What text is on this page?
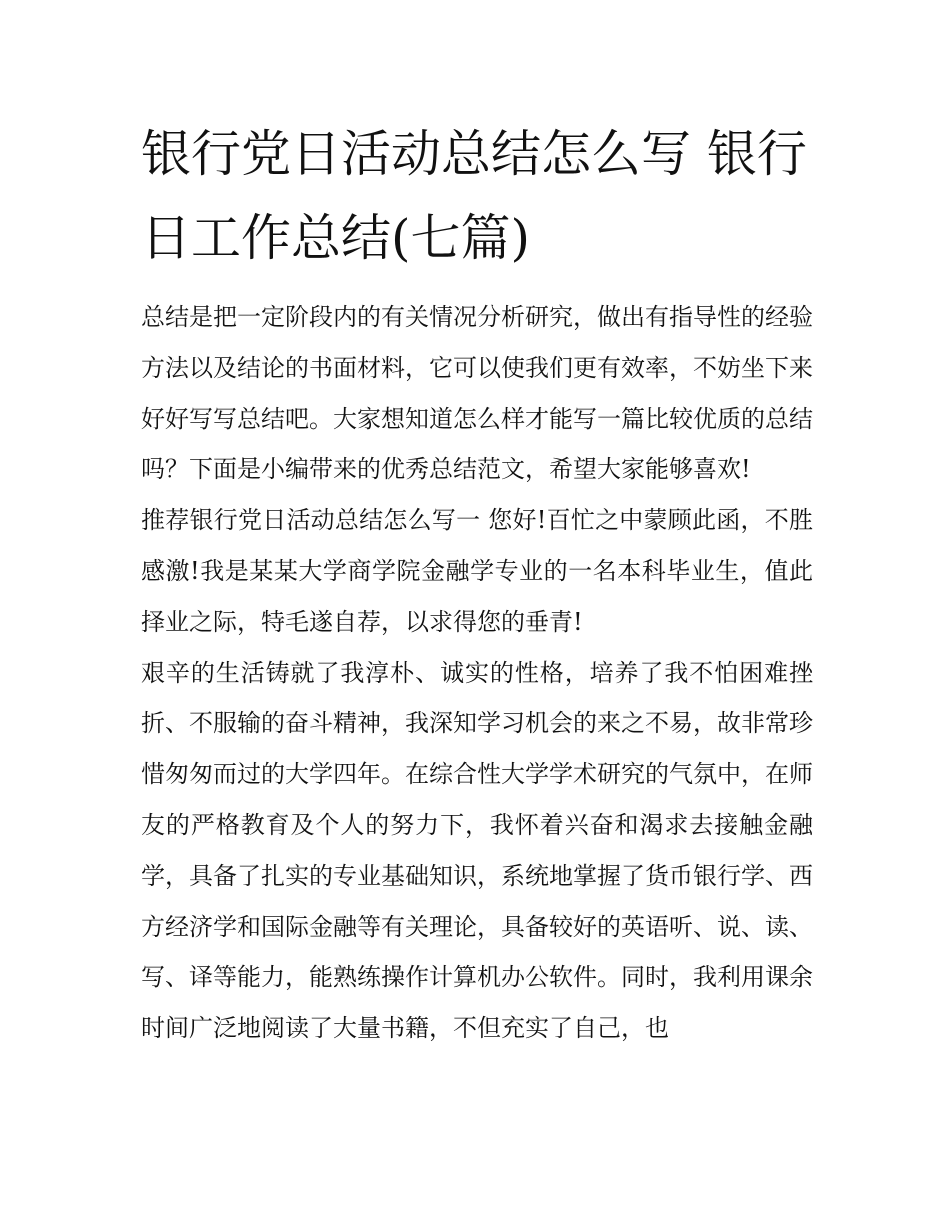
银行党日活动总结怎么写 银行日工作总结(七篇)

总结是把一定阶段内的有关情况分析研究，做出有指导性的经验方法以及结论的书面材料，它可以使我们更有效率，不妨坐下来好好写写总结吧。大家想知道怎么样才能写一篇比较优质的总结吗？下面是小编带来的优秀总结范文，希望大家能够喜欢!

推荐银行党日活动总结怎么写一 您好!百忙之中蒙顾此函，不胜感激!我是某某大学商学院金融学专业的一名本科毕业生，值此择业之际，特毛遂自荐，以求得您的垂青!

艰辛的生活铸就了我淳朴、诚实的性格，培养了我不怕困难挫折、不服输的奋斗精神，我深知学习机会的来之不易，故非常珍惜匆匆而过的大学四年。在综合性大学学术研究的气氛中，在师友的严格教育及个人的努力下，我怀着兴奋和渴求去接触金融学，具备了扎实的专业基础知识，系统地掌握了货币银行学、西方经济学和国际金融等有关理论，具备较好的英语听、说、读、写、译等能力，能熟练操作计算机办公软件。同时，我利用课余时间广泛地阅读了大量书籍，不但充实了自己，也
